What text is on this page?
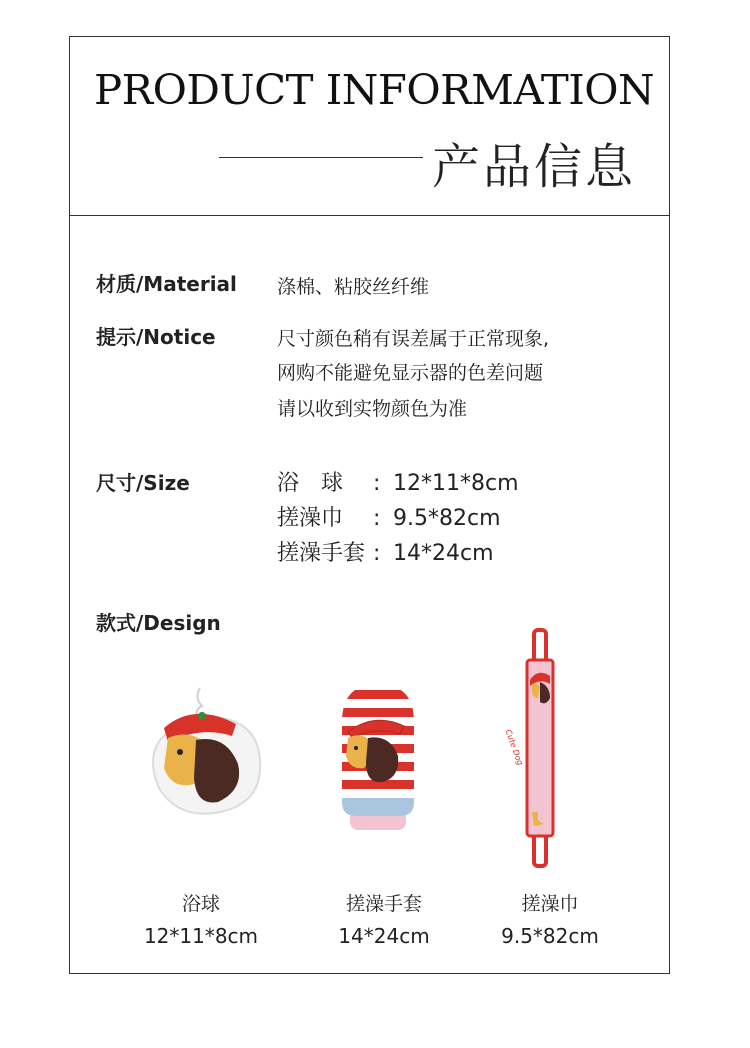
PRODUCT INFORMATION
产品信息
材质/Material 涤棉、粘胶丝纤维
提示/Notice	尺寸颜色稍有误差属于正常现象,
网购不能避免显示器的色差问题
请以收到实物颜色为准
尺寸/Size	浴　球 : 12*11*8cm
搓澡巾 : 9.5*82cm
搓澡手套 : 14*24cm
款式/Design
Cute Dog
浴球
12*11*8cm
搓澡手套
14*24cm
搓澡巾
9.5*82cm
